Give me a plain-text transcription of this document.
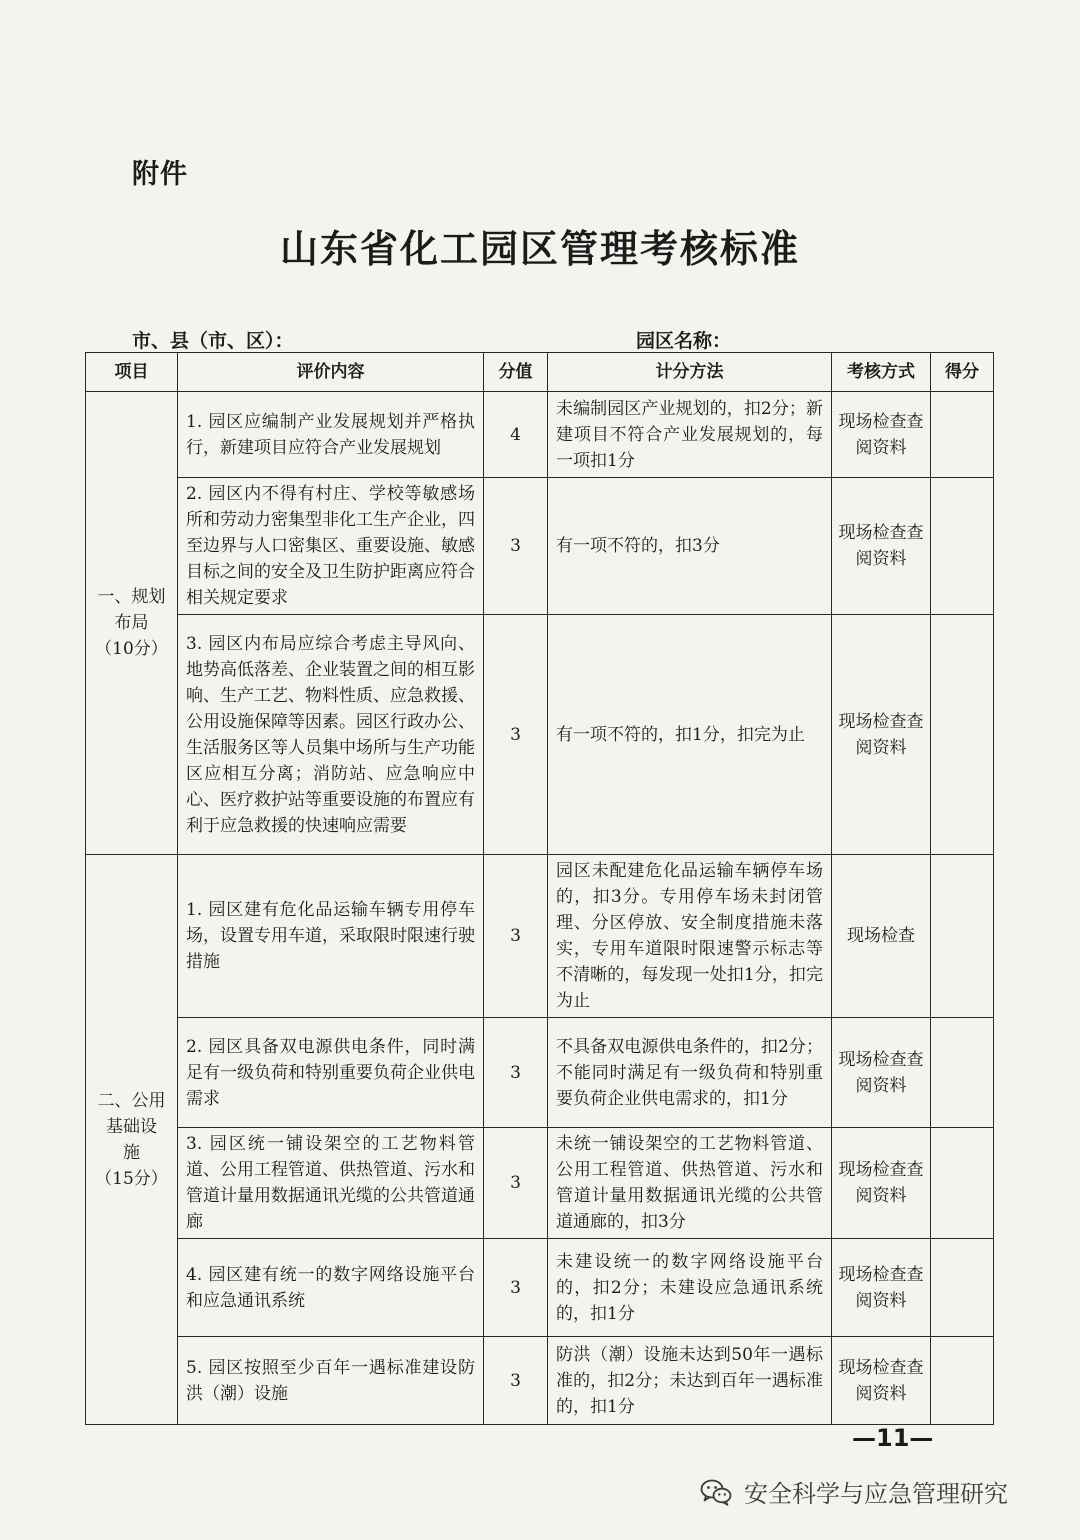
附件
山东省化工园区管理考核标准
市、县（市、区）：	园区名称：
项目	评价内容	分值	计分方法	考核方式	得分

一、规划
布局
（10分）	1. 园区应编制产业发展规划并严格执行，新建项目应符合产业发展规划	4	未编制园区产业规划的，扣2分；新建项目不符合产业发展规划的，每一项扣1分	现场检查查阅资料	
	2. 园区内不得有村庄、学校等敏感场所和劳动力密集型非化工生产企业，四至边界与人口密集区、重要设施、敏感目标之间的安全及卫生防护距离应符合相关规定要求	3	有一项不符的，扣3分	现场检查查阅资料	
	3. 园区内布局应综合考虑主导风向、地势高低落差、企业装置之间的相互影响、生产工艺、物料性质、应急救援、公用设施保障等因素。园区行政办公、生活服务区等人员集中场所与生产功能区应相互分离；消防站、应急响应中心、医疗救护站等重要设施的布置应有利于应急救援的快速响应需要	3	有一项不符的，扣1分，扣完为止	现场检查查阅资料	

二、公用
基础设
施
（15分）	1. 园区建有危化品运输车辆专用停车场，设置专用车道，采取限时限速行驶措施	3	园区未配建危化品运输车辆停车场的，扣3分。专用停车场未封闭管理、分区停放、安全制度措施未落实，专用车道限时限速警示标志等不清晰的，每发现一处扣1分，扣完为止	现场检查	
	2. 园区具备双电源供电条件，同时满足有一级负荷和特别重要负荷企业供电需求	3	不具备双电源供电条件的，扣2分；不能同时满足有一级负荷和特别重要负荷企业供电需求的，扣1分	现场检查查阅资料	
	3. 园区统一铺设架空的工艺物料管道、公用工程管道、供热管道、污水和管道计量用数据通讯光缆的公共管道通廊	3	未统一铺设架空的工艺物料管道、公用工程管道、供热管道、污水和管道计量用数据通讯光缆的公共管道通廊的，扣3分	现场检查查阅资料	
	4. 园区建有统一的数字网络设施平台和应急通讯系统	3	未建设统一的数字网络设施平台的，扣2分；未建设应急通讯系统的，扣1分	现场检查查阅资料	
	5. 园区按照至少百年一遇标准建设防洪（潮）设施	3	防洪（潮）设施未达到50年一遇标准的，扣2分；未达到百年一遇标准的，扣1分	现场检查查阅资料	
—11—
安全科学与应急管理研究
